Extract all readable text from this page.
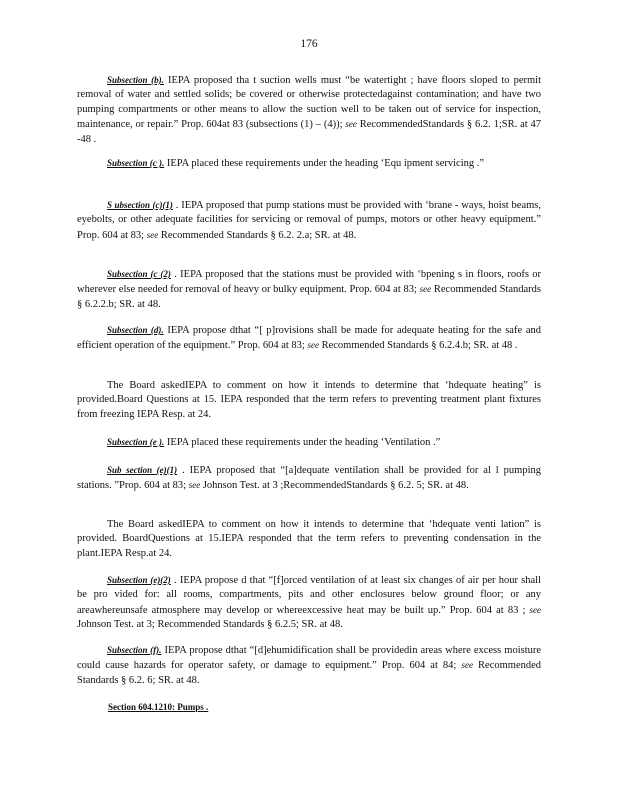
176
Subsection (b). IEPA proposed tha t suction wells must “be watertight ; have floors sloped to permit removal of water and settled solids; be covered or otherwise protectedagainst contamination; and have two pumping compartments or other means to allow the suction well to be taken out of service for inspection, maintenance, or repair.” Prop. 604at 83 (subsections (1) – (4)); see RecommendedStandards § 6.2. 1;SR. at 47 -48 .
Subsection (c ). IEPA placed these requirements under the heading ‘Equ ipment servicing .”
S ubsection (c)(1) . IEPA proposed that pump stations must be provided with ‘brane - ways, hoist beams, eyebolts, or other adequate facilities for servicing or removal of pumps, motors or other heavy equipment.” Prop. 604 at 83; see Recommended Standards § 6.2. 2.a; SR. at 48.
Subsection (c (2) . IEPA proposed that the stations must be provided with ‘bpening s in floors, roofs or wherever else needed for removal of heavy or bulky equipment. Prop. 604 at 83; see Recommended Standards § 6.2.2.b; SR. at 48.
Subsection (d). IEPA propose dthat “[ p]rovisions shall be made for adequate heating for the safe and efficient operation of the equipment.” Prop. 604 at 83; see Recommended Standards § 6.2.4.b; SR. at 48 .
The Board askedIEPA to comment on how it intends to determine that ‘hdequate heating” is provided.Board Questions at 15. IEPA responded that the term refers to preventing treatment plant fixtures from freezing IEPA Resp. at 24.
Subsection (e ). IEPA placed these requirements under the heading ‘Ventilation .”
Sub section (e)(1) . IEPA proposed that “[a]dequate ventilation shall be provided for al l pumping stations. ”Prop. 604 at 83; see Johnson Test. at 3 ;RecommendedStandards § 6.2. 5; SR. at 48.
The Board askedIEPA to comment on how it intends to determine that ‘hdequate venti lation” is provided. BoardQuestions at 15.IEPA responded that the term refers to preventing condensation in the plant.IEPA Resp.at 24.
Subsection (e)(2) . IEPA propose d that “[f]orced ventilation of at least six changes of air per hour shall be pro vided for: all rooms, compartments, pits and other enclosures below ground floor; or any areawhereunsafe atmosphere may develop or whereexcessive heat may be built up.” Prop. 604 at 83 ; see Johnson Test. at 3; Recommended Standards § 6.2.5; SR. at 48.
Subsection (f). IEPA propose dthat “[d]ehumidification shall be providedin areas where excess moisture could cause hazards for operator safety, or damage to equipment.” Prop. 604 at 84; see Recommended Standards § 6.2. 6; SR. at 48.
Section 604.1210: Pumps .
